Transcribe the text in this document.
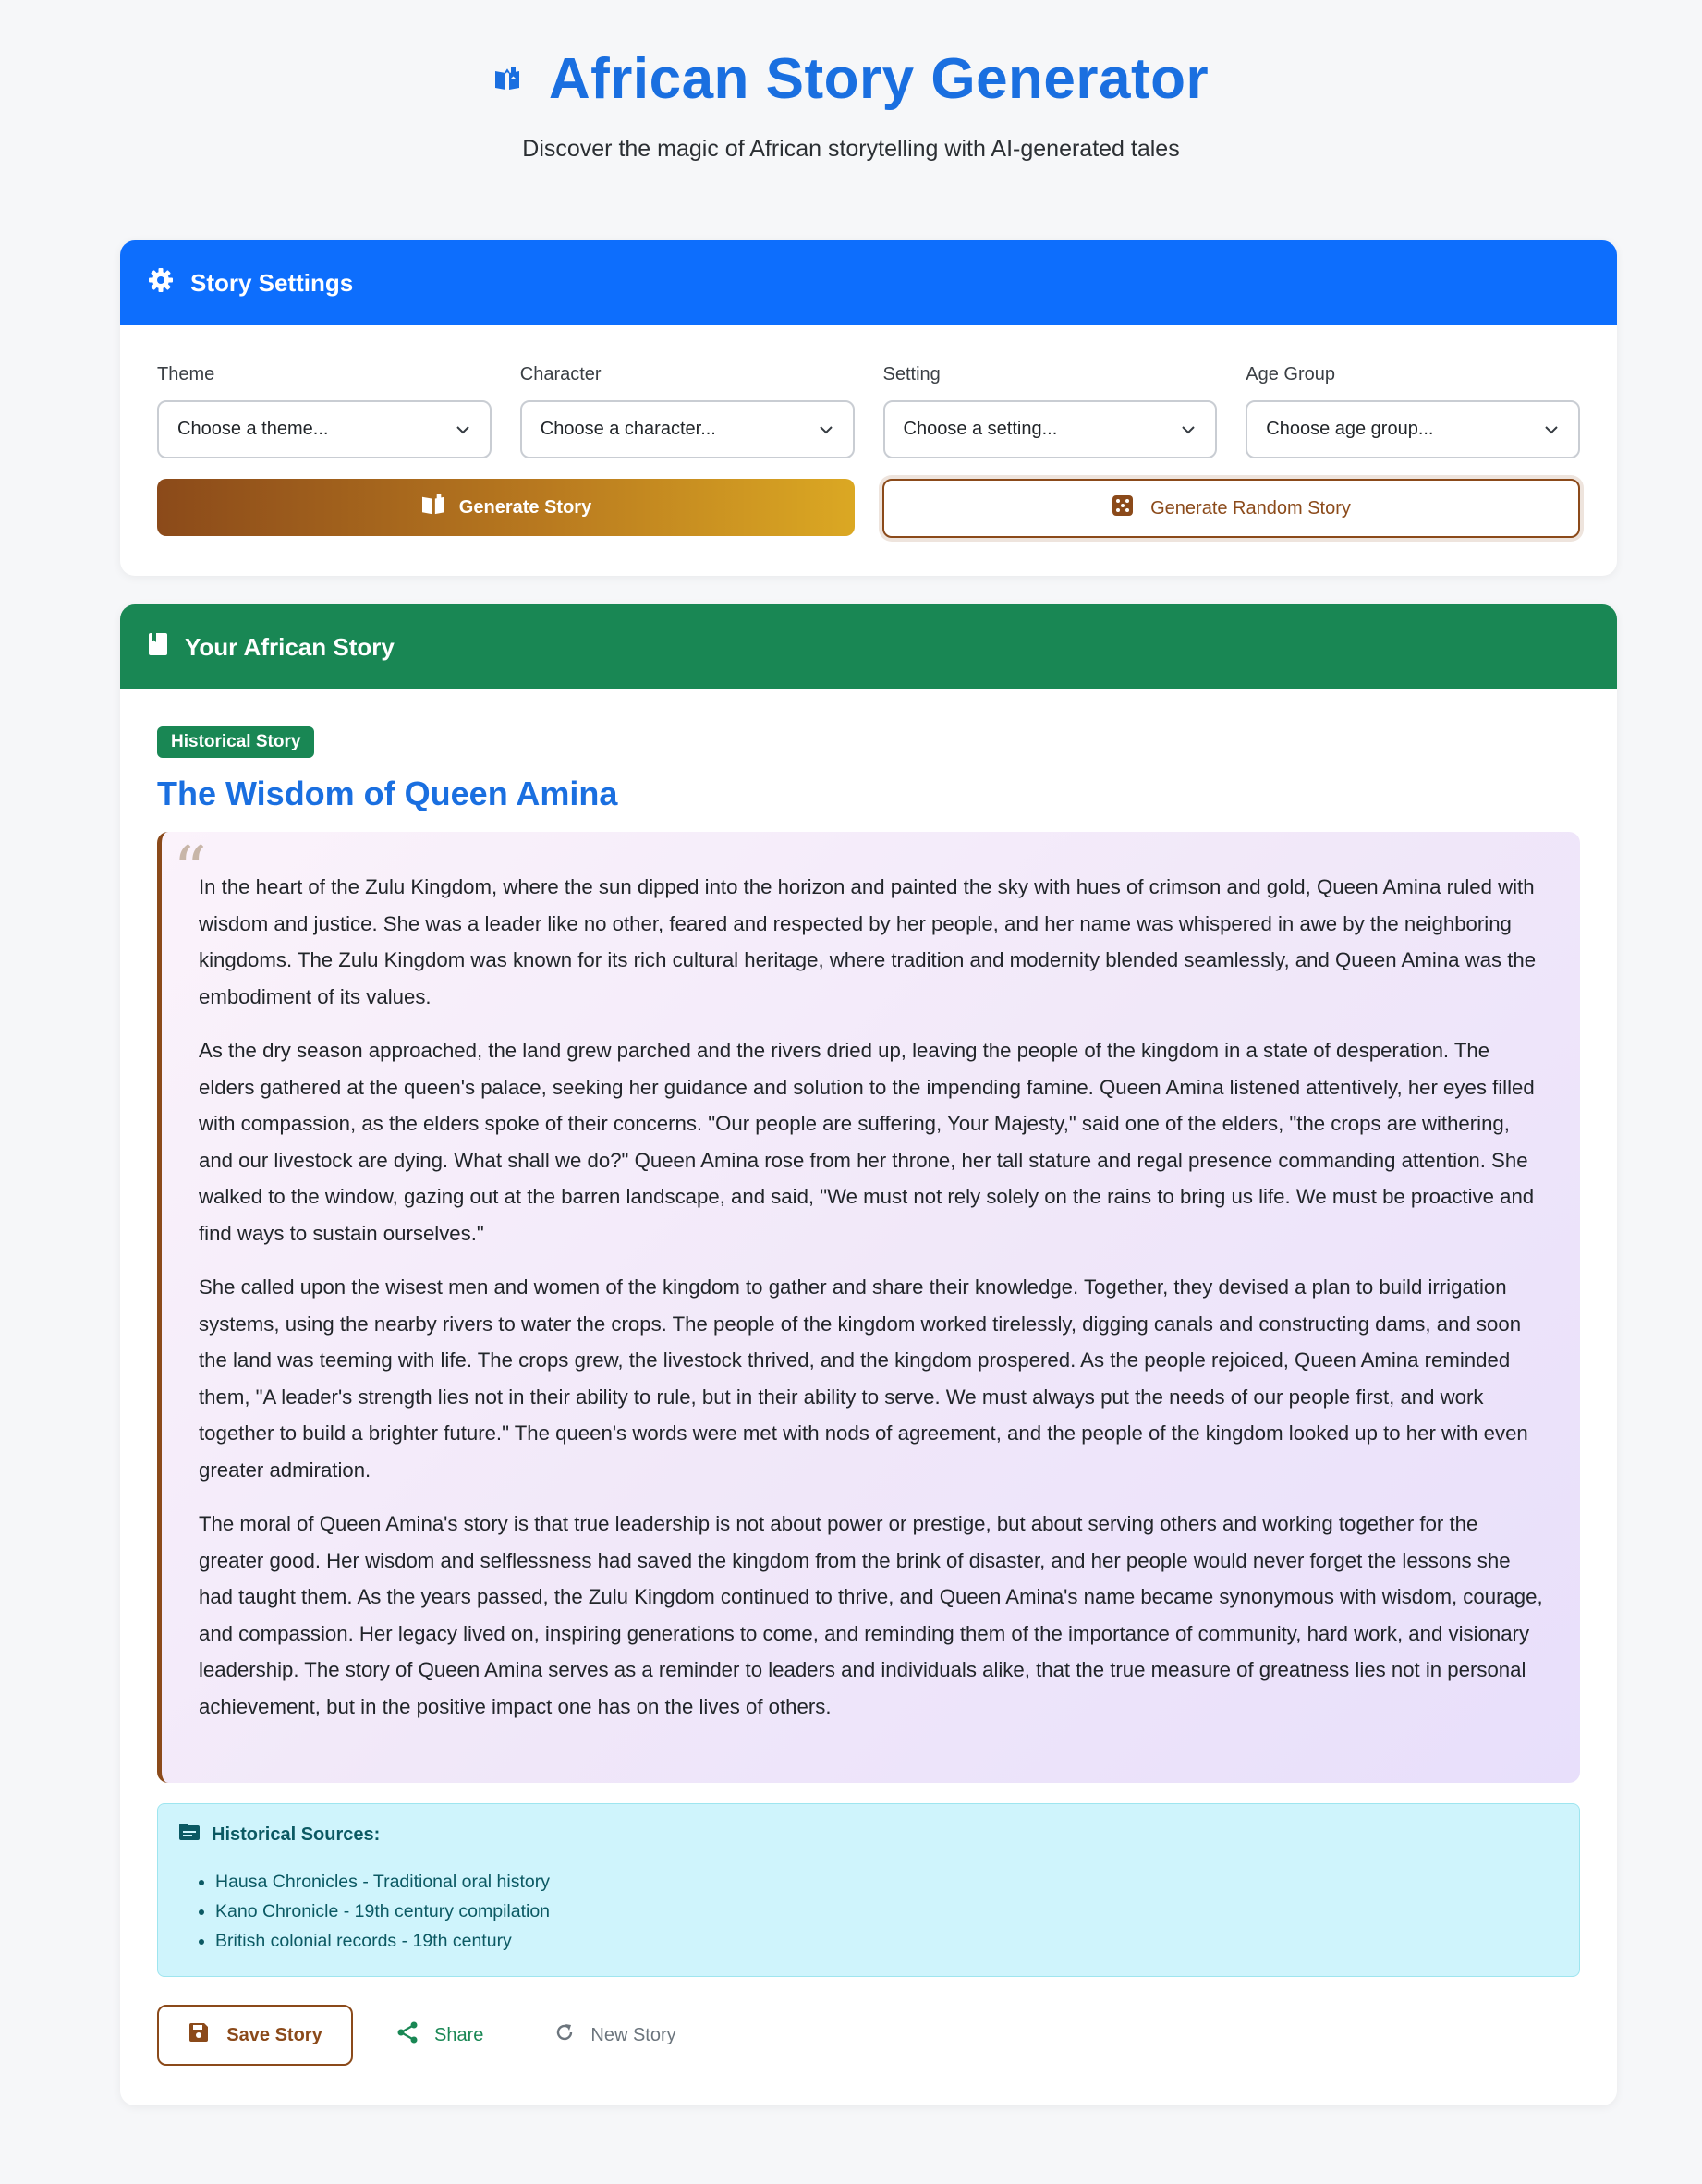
African Story Generator

Discover the magic of African storytelling with AI-generated tales

Story Settings
Theme
Choose a theme...
Character
Choose a character...
Setting
Choose a setting...
Age Group
Choose age group...
Generate Story	Generate Random Story
Your African Story
Historical Story
The Wisdom of Queen Amina
“

In the heart of the Zulu Kingdom, where the sun dipped into the horizon and painted the sky with hues of crimson and gold, Queen Amina ruled with wisdom and justice. She was a leader like no other, feared and respected by her people, and her name was whispered in awe by the neighboring kingdoms. The Zulu Kingdom was known for its rich cultural heritage, where tradition and modernity blended seamlessly, and Queen Amina was the embodiment of its values.

As the dry season approached, the land grew parched and the rivers dried up, leaving the people of the kingdom in a state of desperation. The elders gathered at the queen's palace, seeking her guidance and solution to the impending famine. Queen Amina listened attentively, her eyes filled with compassion, as the elders spoke of their concerns. "Our people are suffering, Your Majesty," said one of the elders, "the crops are withering, and our livestock are dying. What shall we do?" Queen Amina rose from her throne, her tall stature and regal presence commanding attention. She walked to the window, gazing out at the barren landscape, and said, "We must not rely solely on the rains to bring us life. We must be proactive and find ways to sustain ourselves."

She called upon the wisest men and women of the kingdom to gather and share their knowledge. Together, they devised a plan to build irrigation systems, using the nearby rivers to water the crops. The people of the kingdom worked tirelessly, digging canals and constructing dams, and soon the land was teeming with life. The crops grew, the livestock thrived, and the kingdom prospered. As the people rejoiced, Queen Amina reminded them, "A leader's strength lies not in their ability to rule, but in their ability to serve. We must always put the needs of our people first, and work together to build a brighter future." The queen's words were met with nods of agreement, and the people of the kingdom looked up to her with even greater admiration.

The moral of Queen Amina's story is that true leadership is not about power or prestige, but about serving others and working together for the greater good. Her wisdom and selflessness had saved the kingdom from the brink of disaster, and her people would never forget the lessons she had taught them. As the years passed, the Zulu Kingdom continued to thrive, and Queen Amina's name became synonymous with wisdom, courage, and compassion. Her legacy lived on, inspiring generations to come, and reminding them of the importance of community, hard work, and visionary leadership. The story of Queen Amina serves as a reminder to leaders and individuals alike, that the true measure of greatness lies not in personal achievement, but in the positive impact one has on the lives of others.

Historical Sources:
• Hausa Chronicles - Traditional oral history
• Kano Chronicle - 19th century compilation
• British colonial records - 19th century
Save Story	Share	New Story
